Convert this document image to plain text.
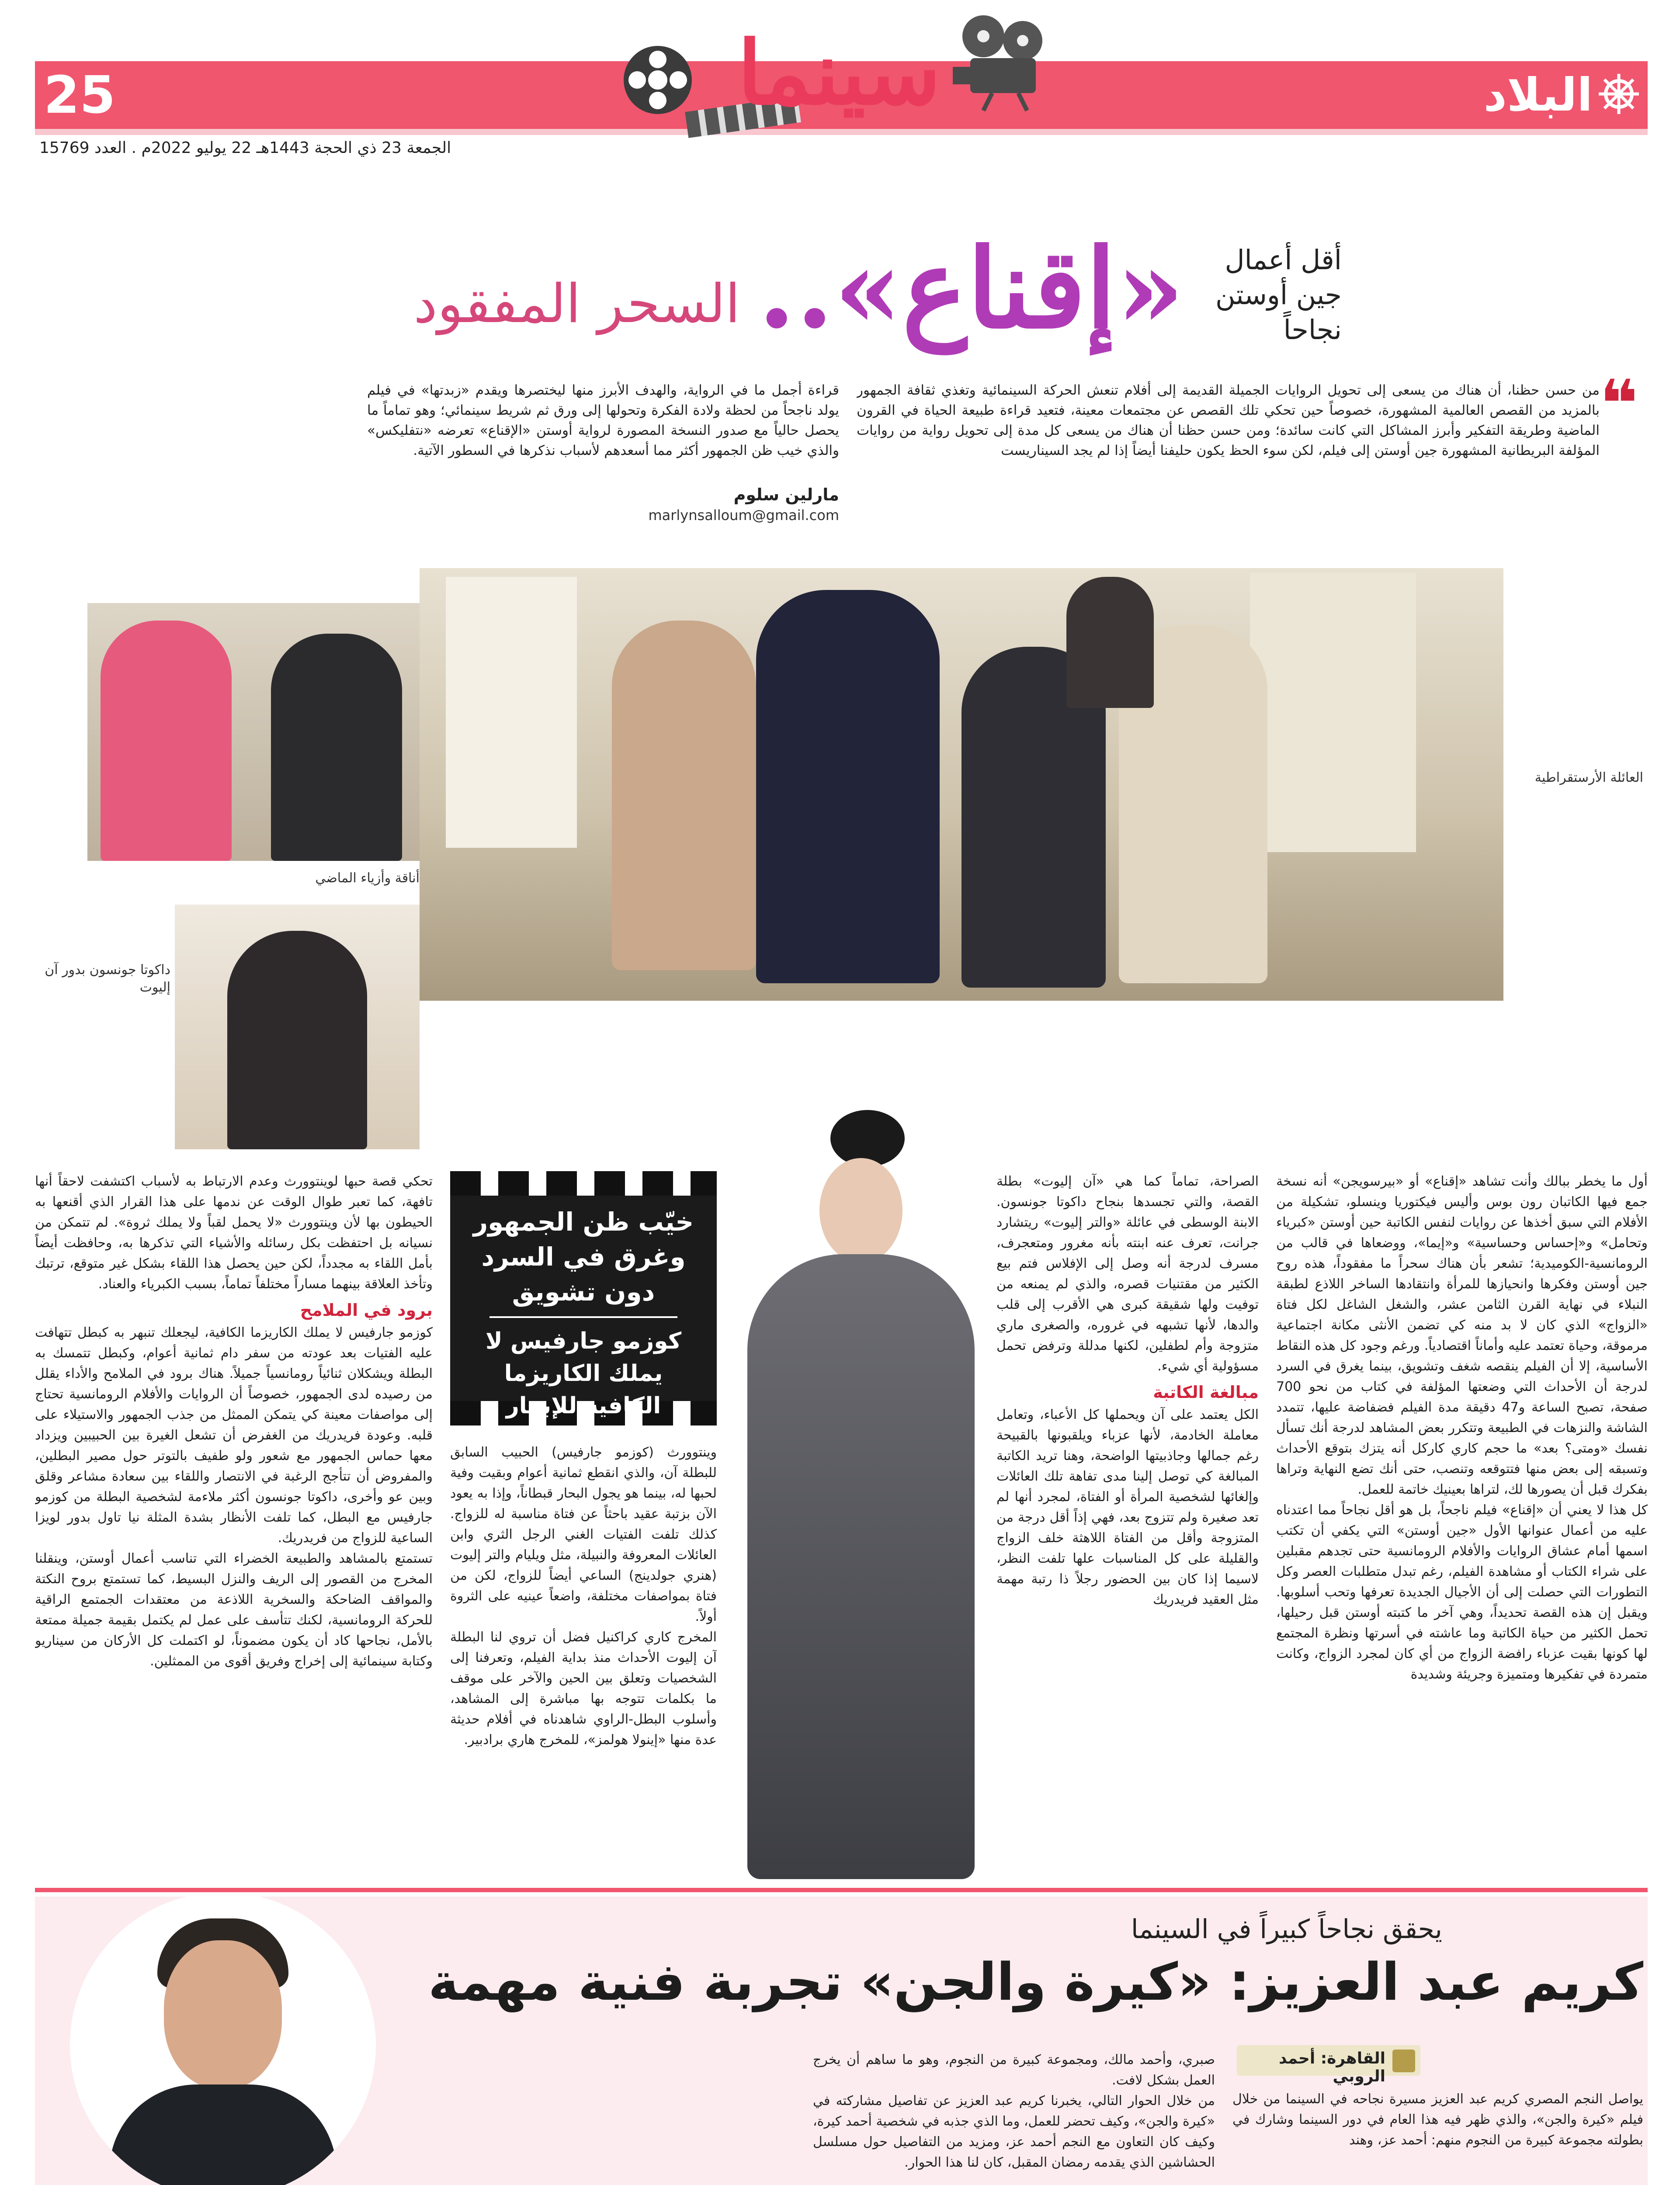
25	البلاد
سينما
الجمعة 23 ذي الحجة 1443هـ 22 يوليو 2022م . العدد 15769
أقل أعمال جين أوستن نجاحاً
«إقناع»..
السحر المفقود
❝
من حسن حظنا، أن هناك من يسعى إلى تحويل الروايات الجميلة القديمة إلى أفلام تنعش الحركة السينمائية وتغذي ثقافة الجمهور بالمزيد من القصص العالمية المشهورة، خصوصاً حين تحكي تلك القصص عن مجتمعات معينة، فتعيد قراءة طبيعة الحياة في القرون الماضية وطريقة التفكير وأبرز المشاكل التي كانت سائدة؛ ومن حسن حظنا أن هناك من يسعى كل مدة إلى تحويل رواية من روايات المؤلفة البريطانية المشهورة جين أوستن إلى فيلم، لكن سوء الحظ يكون حليفنا أيضاً إذا لم يجد السيناريست
قراءة أجمل ما في الرواية، والهدف الأبرز منها ليختصرها ويقدم «زبدتها» في فيلم يولد ناجحاً من لحظة ولادة الفكرة وتحولها إلى ورق ثم شريط سينمائي؛ وهو تماماً ما يحصل حالياً مع صدور النسخة المصورة لرواية أوستن «الإقناع» تعرضه «نتفليكس» والذي خيب ظن الجمهور أكثر مما أسعدهم لأسباب نذكرها في السطور الآتية.
مارلين سلوم
marlynsalloum@gmail.com
العائلة الأرستقراطية
أناقة وأزياء الماضي
داكوتا جونسون بدور آن إليوت
أول ما يخطر ببالك وأنت تشاهد «إقناع» أو «بيرسويجن» أنه نسخة جمع فيها الكاتبان رون بوس وأليس فيكتوريا وينسلو، تشكيلة من الأفلام التي سبق أخذها عن روايات لنفس الكاتبة حين أوستن «كبرياء وتحامل» و«إحساس وحساسية» و«إيما»، ووضعاها في قالب من الرومانسية-الكوميدية؛ تشعر بأن هناك سحراً ما مفقوداً، هذه روح جين أوستن وفكرها وانحيازها للمرأة وانتقادها الساخر اللاذع لطبقة النبلاء في نهاية القرن الثامن عشر، والشغل الشاغل لكل فتاة «الزواج» الذي كان لا بد منه كي تضمن الأنثى مكانة اجتماعية مرموقة، وحياة تعتمد عليه وأماناً اقتصادياً. ورغم وجود كل هذه النقاط الأساسية، إلا أن الفيلم ينقصه شغف وتشويق، بينما يغرق في السرد لدرجة أن الأحداث التي وضعتها المؤلفة في كتاب من نحو 700 صفحة، تصبح الساعة و47 دقيقة مدة الفيلم فضفاضة عليها، تتمدد الشاشة والنزهات في الطبيعة وتتكرر بعض المشاهد لدرجة أنك تسأل نفسك «ومتى؟ بعد» ما حجم كاري كاركل أنه يتزك بتوقع الأحداث وتسبقه إلى بعض منها فتتوقعه وتنصب، حتى أنك تضع النهاية وتراها بفكرك قبل أن يصورها لك، لتراها بعينيك خاتمة للعمل.
كل هذا لا يعني أن «إقناع» فيلم ناجحاً، بل هو أقل نجاحاً مما اعتدناه عليه من أعمال عنوانها الأول «جين أوستن» التي يكفي أن تكتب اسمها أمام عشاق الروايات والأفلام الرومانسية حتى تجدهم مقبلين على شراء الكتاب أو مشاهدة الفيلم، رغم تبدل متطلبات العصر وكل التطورات التي حصلت إلى أن الأجيال الجديدة تعرفها وتحب أسلوبها. ويقبل إن هذه القصة تحديداً، وهي آخر ما كتبته أوستن قبل رحيلها، تحمل الكثير من حياة الكاتبة وما عاشته في أسرتها ونظرة المجتمع لها كونها بقيت عزباء رافضة الزواج من أي كان لمجرد الزواج، وكانت متمردة في تفكيرها ومتميزة وجريئة وشديدة
الصراحة، تماماً كما هي «آن إليوت» بطلة القصة، والتي تجسدها بنجاح داكوتا جونسون. الابنة الوسطى في عائلة «والتر إليوت» ريتشارد جرانت، تعرف عنه ابنته بأنه مغرور ومتعجرف، مسرف لدرجة أنه وصل إلى الإفلاس فتم بيع الكثير من مقتنيات قصره، والذي لم يمنعه من توفيت ولها شقيقة كبرى هي الأقرب إلى قلب والدها، لأنها تشبهه في غروره، والصغرى ماري متزوجة وأم لطفلين، لكنها مدللة وترفض تحمل مسؤولية أي شيء.
مبالغة الكاتبة
الكل يعتمد على آن ويحملها كل الأعباء، وتعامل معاملة الخادمة، لأنها عزباء ويلقبونها بالقبيحة رغم جمالها وجاذبيتها الواضحة، وهنا تريد الكاتبة المبالغة كي توصل إلينا مدى تفاهة تلك العائلات وإلغائها لشخصية المرأة أو الفتاة، لمجرد أنها لم تعد صغيرة ولم تتزوج بعد، فهي إذاً أقل درجة من المتزوجة وأقل من الفتاة اللاهثة خلف الزواج والقليلة على كل المناسبات علها تلفت النظر، لاسيما إذا كان بين الحضور رجلاً ذا رتبة مهمة مثل العقيد فريدريك
وينتوورث (كوزمو جارفيس) الحبيب السابق للبطلة آن، والذي انقطع ثمانية أعوام وبقيت وفية لحبها له، بينما هو يجول البحار قبطاناً، وإذا به يعود الآن بزتبة عقيد باحثاً عن فتاة مناسبة له للزواج. كذلك تلفت الفتيات الغني الرجل الثري وابن العائلات المعروفة والنبيلة، مثل ويليام والتر إليوت (هنري جولدينج) الساعي أيضاً للزواج، لكن من فتاة بمواصفات مختلفة، واضعاً عينيه على الثروة أولاً.
المخرج كاري كراكنيل فضل أن تروي لنا البطلة آن إليوت الأحداث منذ بداية الفيلم، وتعرفنا إلى الشخصيات وتعلق بين الحين والآخر على موقف ما بكلمات تتوجه بها مباشرة إلى المشاهد، وأسلوب البطل-الراوي شاهدناه في أفلام حديثة عدة منها «إينولا هولمز»، للمخرج هاري برادبير.
خيّب ظن الجمهور وغرق في السرد دون تشويق
كوزمو جارفيس لا يملك الكاريزما الكافية للإبهار
تحكي قصة حبها لوينتوورث وعدم الارتباط به لأسباب اكتشفت لاحقاً أنها تافهة، كما تعبر طوال الوقت عن ندمها على هذا القرار الذي أقنعها به الحيطون بها لأن وينتوورث «لا يحمل لقباً ولا يملك ثروة». لم تتمكن من نسيانه بل احتفظت بكل رسائله والأشياء التي تذكرها به، وحافظت أيضاً بأمل اللقاء به مجدداً، لكن حين يحصل هذا اللقاء بشكل غير متوقع، ترتبك وتأخذ العلاقة بينهما مساراً مختلفاً تماماً، بسبب الكبرياء والعناد.
برود في الملامح
كوزمو جارفيس لا يملك الكاريزما الكافية، ليجعلك تنبهر به كبطل تتهافت عليه الفتيات بعد عودته من سفر دام ثمانية أعوام، وكبطل تتمسك به البطلة ويشكلان ثنائياً رومانسياً جميلاً. هناك برود في الملامح والأداء يقلل من رصيده لدى الجمهور، خصوصاً أن الروايات والأفلام الرومانسية تحتاج إلى مواصفات معينة كي يتمكن الممثل من جذب الجمهور والاستيلاء على قلبه. وعودة فريدريك من الغفرض أن تشعل الغيرة بين الحبيبين ويزداد معها حماس الجمهور مع شعور ولو طفيف بالتوتر حول مصير البطلين، والمفروض أن تتأجج الرغبة في الانتصار واللقاء بين سعادة مشاعر وقلق وبين عو وأخرى، داكوتا جونسون أكثر ملاءمة لشخصية البطلة من كوزمو جارفيس مع البطل، كما تلفت الأنظار بشدة المثلة نيا تاول بدور لويزا الساعية للزواج من فريدريك.
تستمتع بالمشاهد والطبيعة الخضراء التي تناسب أعمال أوستن، وينقلنا المخرج من القصور إلى الريف والنزل البسيط، كما تستمتع بروح النكتة والمواقف الضاحكة والسخرية اللاذعة من معتقدات الجمتمع الراقية للحركة الرومانسية، لكنك تتأسف على عمل لم يكتمل بقيمة جميلة ممتعة بالأمل، نجاحها كاد أن يكون مضموناً، لو اكتملت كل الأركان من سيناريو وكتابة سينمائية إلى إخراج وفريق أقوى من الممثلين.
يحقق نجاحاً كبيراً في السينما
كريم عبد العزيز: «كيرة والجن» تجربة فنية مهمة
القاهرة: أحمد الروبي
يواصل النجم المصري كريم عبد العزيز مسيرة نجاحه في السينما من خلال فيلم «كيرة والجن»، والذي ظهر فيه هذا العام في دور السينما وشارك في بطولته مجموعة كبيرة من النجوم منهم: أحمد عز، وهند
صبري، وأحمد مالك، ومجموعة كبيرة من النجوم، وهو ما ساهم أن يخرج العمل بشكل لافت.
من خلال الحوار التالي، يخبرنا كريم عبد العزيز عن تفاصيل مشاركته في «كيرة والجن»، وكيف تحضر للعمل، وما الذي جذبه في شخصية أحمد كيرة، وكيف كان التعاون مع النجم أحمد عز، ومزيد من التفاصيل حول مسلسل الحشاشين الذي يقدمه رمضان المقبل، كان لنا هذا الحوار.
